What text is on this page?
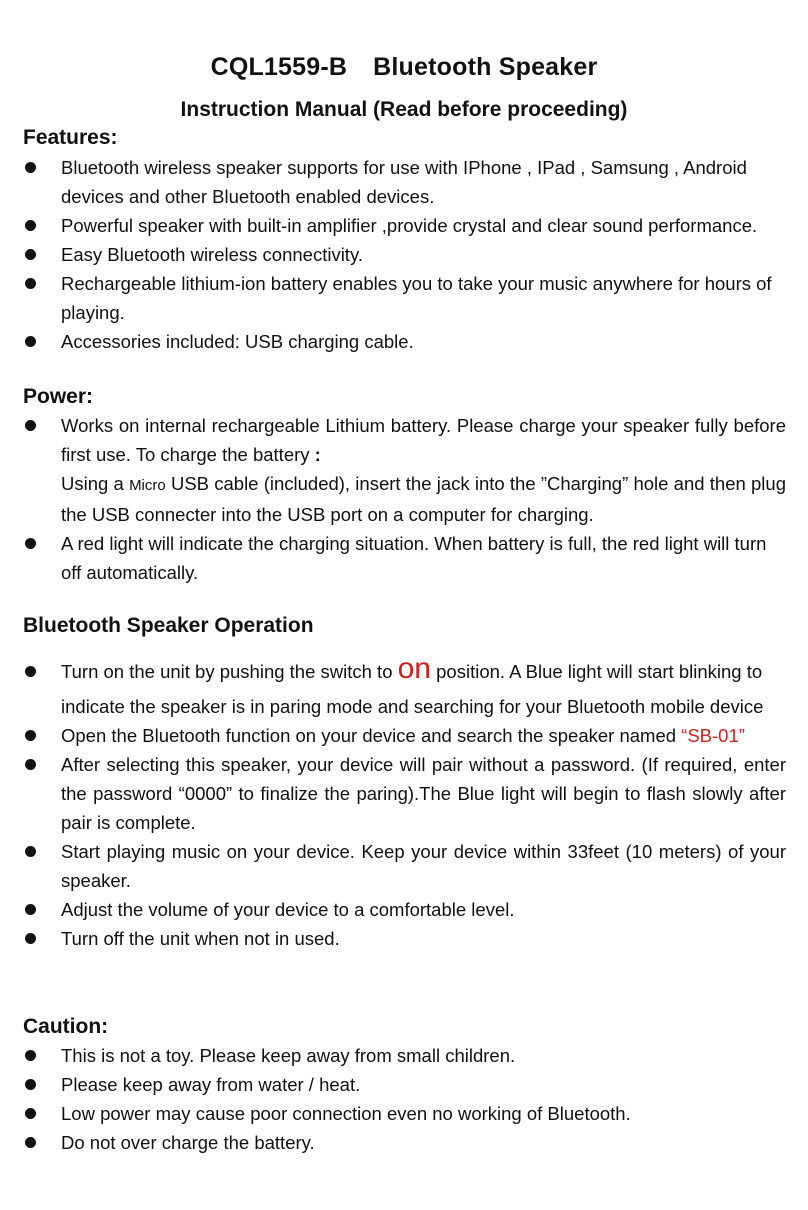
CQL1559-B Bluetooth Speaker
Instruction Manual (Read before proceeding)
Features:
Bluetooth wireless speaker supports for use with IPhone , IPad , Samsung , Android devices and other Bluetooth enabled devices.
Powerful speaker with built-in amplifier ,provide crystal and clear sound performance.
Easy Bluetooth wireless connectivity.
Rechargeable lithium-ion battery enables you to take your music anywhere for hours of playing.
Accessories included: USB charging cable.
Power:
Works on internal rechargeable Lithium battery. Please charge your speaker fully before first use. To charge the battery :
Using a Micro USB cable (included), insert the jack into the ”Charging” hole and then plug the USB connecter into the USB port on a computer for charging.
A red light will indicate the charging situation. When battery is full, the red light will turn off automatically.
Bluetooth Speaker Operation
Turn on the unit by pushing the switch to on position. A Blue light will start blinking to
indicate the speaker is in paring mode and searching for your Bluetooth mobile device
Open the Bluetooth function on your device and search the speaker named “SB-01”
After selecting this speaker, your device will pair without a password. (If required, enter the password “0000” to finalize the paring).The Blue light will begin to flash slowly after pair is complete.
Start playing music on your device. Keep your device within 33feet (10 meters) of your speaker.
Adjust the volume of your device to a comfortable level.
Turn off the unit when not in used.
Caution:
This is not a toy. Please keep away from small children.
Please keep away from water / heat.
Low power may cause poor connection even no working of Bluetooth.
Do not over charge the battery.
